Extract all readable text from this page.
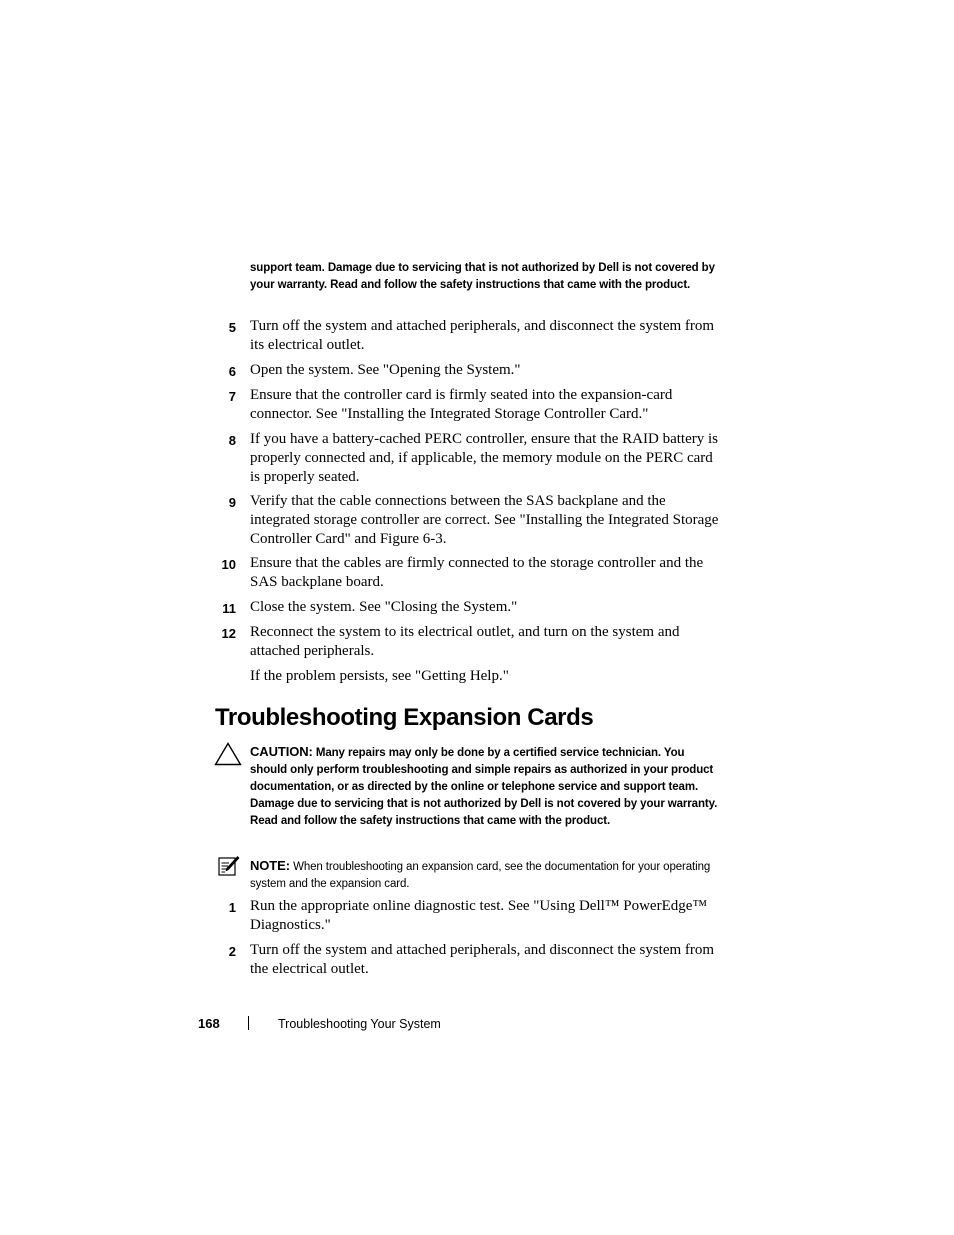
support team. Damage due to servicing that is not authorized by Dell is not covered by your warranty. Read and follow the safety instructions that came with the product.
5 Turn off the system and attached peripherals, and disconnect the system from its electrical outlet.
6 Open the system. See "Opening the System."
7 Ensure that the controller card is firmly seated into the expansion-card connector. See "Installing the Integrated Storage Controller Card."
8 If you have a battery-cached PERC controller, ensure that the RAID battery is properly connected and, if applicable, the memory module on the PERC card is properly seated.
9 Verify that the cable connections between the SAS backplane and the integrated storage controller are correct. See "Installing the Integrated Storage Controller Card" and Figure 6-3.
10 Ensure that the cables are firmly connected to the storage controller and the SAS backplane board.
11 Close the system. See "Closing the System."
12 Reconnect the system to its electrical outlet, and turn on the system and attached peripherals.
If the problem persists, see "Getting Help."
Troubleshooting Expansion Cards
CAUTION: Many repairs may only be done by a certified service technician. You should only perform troubleshooting and simple repairs as authorized in your product documentation, or as directed by the online or telephone service and support team. Damage due to servicing that is not authorized by Dell is not covered by your warranty. Read and follow the safety instructions that came with the product.
NOTE: When troubleshooting an expansion card, see the documentation for your operating system and the expansion card.
1 Run the appropriate online diagnostic test. See "Using Dell™ PowerEdge™ Diagnostics."
2 Turn off the system and attached peripherals, and disconnect the system from the electrical outlet.
168	Troubleshooting Your System
